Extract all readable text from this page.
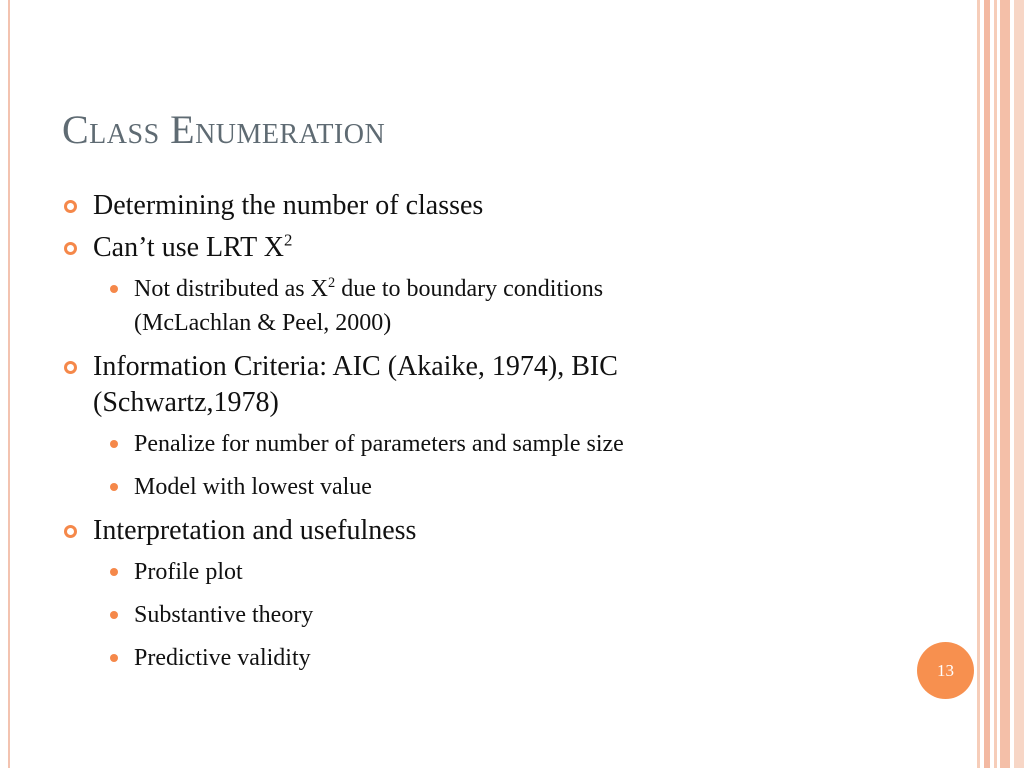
Class Enumeration
Determining the number of classes
Can’t use LRT $X^2$
Not distributed as $X^2$ due to boundary conditions
(McLachlan & Peel, 2000)
Information Criteria: AIC (Akaike, 1974), BIC
(Schwartz,1978)
Penalize for number of parameters and sample size
Model with lowest value
Interpretation and usefulness
Profile plot
Substantive theory
Predictive validity	13
